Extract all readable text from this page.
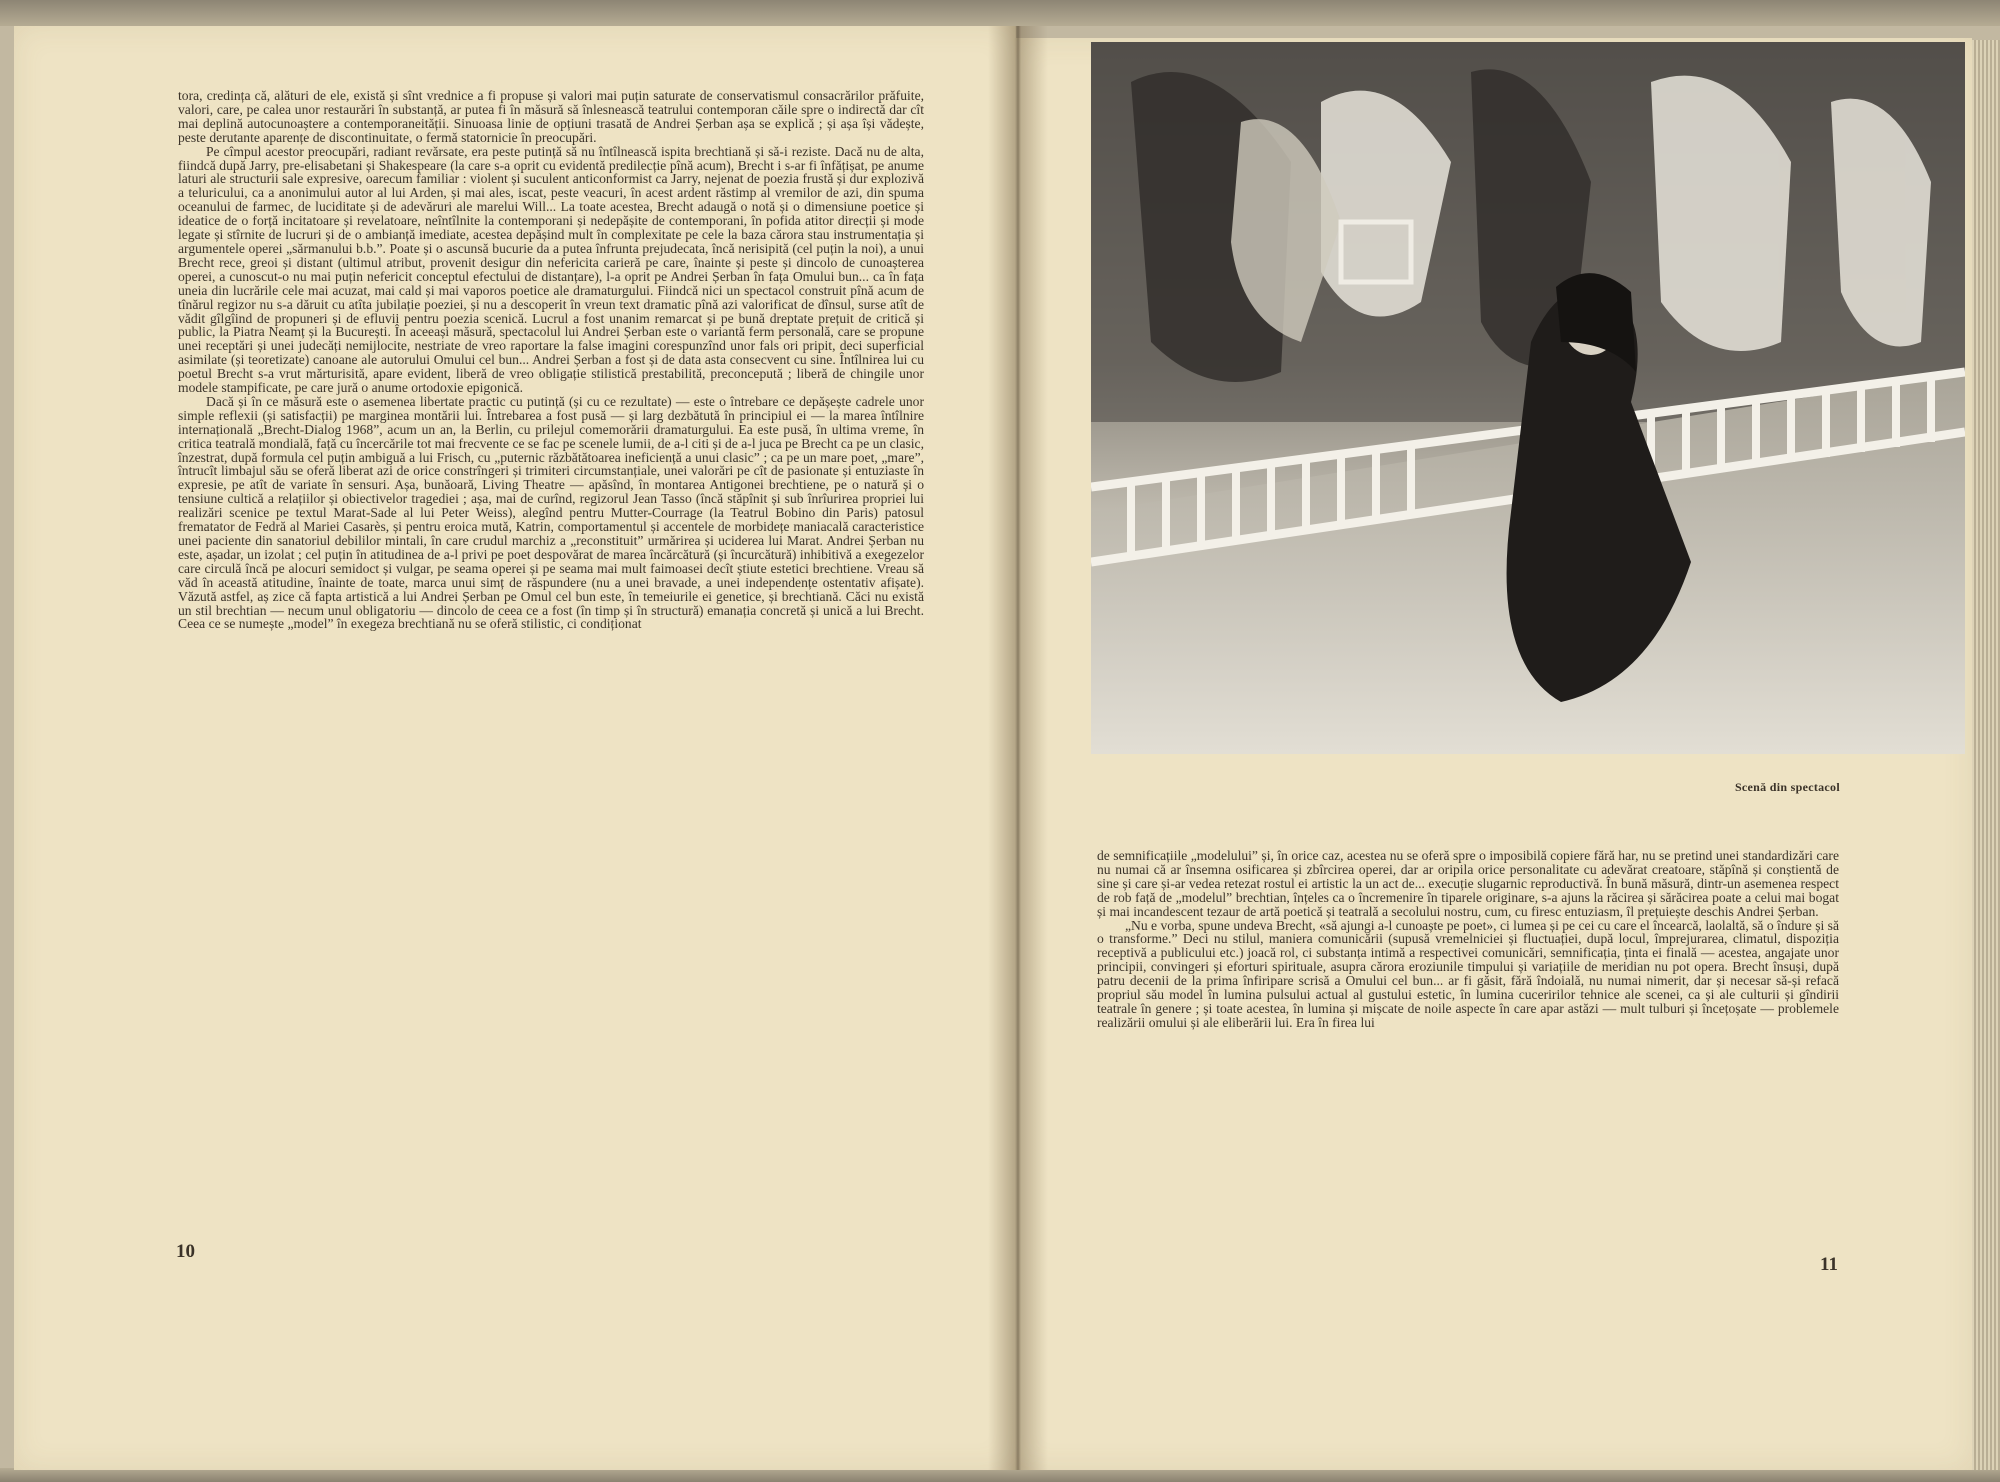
tora, credința că, alături de ele, există și sînt vrednice a fi propuse și valori mai puțin saturate de conservatismul consacrărilor prăfuite, valori, care, pe calea unor restaurări în substanță, ar putea fi în măsură să înlesnească teatrului contemporan căile spre o indirectă dar cît mai deplină autocunoaștere a contemporaneității. Sinuoasa linie de opțiuni trasată de Andrei Șerban așa se explică ; și așa își vădește, peste derutante aparențe de discontinuitate, o fermă statornicie în preocupări.

Pe cîmpul acestor preocupări, radiant revărsate, era peste putință să nu întîlnească ispita brechtiană și să-i reziste. Dacă nu de alta, fiindcă după Jarry, pre-elisabetani și Shakespeare (la care s-a oprit cu evidentă predilecție pînă acum), Brecht i s-ar fi înfățișat, pe anume laturi ale structurii sale expresive, oarecum familiar : violent și suculent anticonformist ca Jarry, nejenat de poezia frustă și dur explozivă a teluricului, ca a anonimului autor al lui Arden, și mai ales, iscat, peste veacuri, în acest ardent răstimp al vremilor de azi, din spuma oceanului de farmec, de luciditate și de adevăruri ale marelui Will... La toate acestea, Brecht adaugă o notă și o dimensiune poetice și ideatice de o forță incitatoare și revelatoare, neîntîlnite la contemporani și nedepășite de contemporani, în pofida atitor direcții și mode legate și stîrnite de lucruri și de o ambianță imediate, acestea depășind mult în complexitate pe cele la baza cărora stau instrumentația și argumentele operei „sărmanului b.b.”. Poate și o ascunsă bucurie da a putea înfrunta prejudecata, încă nerisipită (cel puțin la noi), a unui Brecht rece, greoi și distant (ultimul atribut, provenit desigur din nefericita carieră pe care, înainte și peste și dincolo de cunoașterea operei, a cunoscut-o nu mai puțin nefericit conceptul efectului de distanțare), l-a oprit pe Andrei Șerban în fața Omului bun... ca în fața uneia din lucrările cele mai acuzat, mai cald și mai vaporos poetice ale dramaturgului. Fiindcă nici un spectacol construit pînă acum de tînărul regizor nu s-a dăruit cu atîta jubilație poeziei, și nu a descoperit în vreun text dramatic pînă azi valorificat de dînsul, surse atît de vădit gîlgîind de propuneri și de efluvii pentru poezia scenică. Lucrul a fost unanim remarcat și pe bună dreptate prețuit de critică și public, la Piatra Neamț și la București. În aceeași măsură, spectacolul lui Andrei Șerban este o variantă ferm personală, care se propune unei receptări și unei judecăți nemijlocite, nestriate de vreo raportare la false imagini corespunzînd unor fals ori pripit, deci superficial asimilate (și teoretizate) canoane ale autorului Omului cel bun... Andrei Șerban a fost și de data asta consecvent cu sine. Întîlnirea lui cu poetul Brecht s-a vrut mărturisită, apare evident, liberă de vreo obligație stilistică prestabilită, preconcepută ; liberă de chingile unor modele stampificate, pe care jură o anume ortodoxie epigonică.

Dacă și în ce măsură este o asemenea libertate practic cu putință (și cu ce rezultate) — este o întrebare ce depășește cadrele unor simple reflexii (și satisfacții) pe marginea montării lui. Întrebarea a fost pusă — și larg dezbătută în principiul ei — la marea întîlnire internațională „Brecht-Dialog 1968”, acum un an, la Berlin, cu prilejul comemorării dramaturgului. Ea este pusă, în ultima vreme, în critica teatrală mondială, față cu încercările tot mai frecvente ce se fac pe scenele lumii, de a-l citi și de a-l juca pe Brecht ca pe un clasic, înzestrat, după formula cel puțin ambiguă a lui Frisch, cu „puternic răzbătătoarea ineficiență a unui clasic” ; ca pe un mare poet, „mare”, întrucît limbajul său se oferă liberat azi de orice constrîngeri și trimiteri circumstanțiale, unei valorări pe cît de pasionate și entuziaste în expresie, pe atît de variate în sensuri. Așa, bunăoară, Living Theatre — apăsînd, în montarea Antigonei brechtiene, pe o natură și o tensiune cultică a relațiilor și obiectivelor tragediei ; așa, mai de curînd, regizorul Jean Tasso (încă stăpînit și sub înrîurirea propriei lui realizări scenice pe textul Marat-Sade al lui Peter Weiss), alegînd pentru Mutter-Courrage (la Teatrul Bobino din Paris) patosul frematator de Fedră al Mariei Casarès, și pentru eroica mută, Katrin, comportamentul și accentele de morbidețe maniacală caracteristice unei paciente din sanatoriul debililor mintali, în care crudul marchiz a „reconstituit” urmărirea și uciderea lui Marat. Andrei Șerban nu este, așadar, un izolat ; cel puțin în atitudinea de a-l privi pe poet despovărat de marea încărcătură (și încurcătură) inhibitivă a exegezelor care circulă încă pe alocuri semidoct și vulgar, pe seama operei și pe seama mai mult faimoasei decît știute estetici brechtiene. Vreau să văd în această atitudine, înainte de toate, marca unui simț de răspundere (nu a unei bravade, a unei independențe ostentativ afișate). Văzută astfel, aș zice că fapta artistică a lui Andrei Șerban pe Omul cel bun este, în temeiurile ei genetice, și brechtiană. Căci nu există un stil brechtian — necum unul obligatoriu — dincolo de ceea ce a fost (în timp și în structură) emanația concretă și unică a lui Brecht. Ceea ce se numește „model” în exegeza brechtiană nu se oferă stilistic, ci condiționat

10
Scenă din spectacol

de semnificațiile „modelului” și, în orice caz, acestea nu se oferă spre o imposibilă copiere fără har, nu se pretind unei standardizări care nu numai că ar însemna osificarea și zbîrcirea operei, dar ar oripila orice personalitate cu adevărat creatoare, stăpînă și conștientă de sine și care și-ar vedea retezat rostul ei artistic la un act de... execuție slugarnic reproductivă. În bună măsură, dintr-un asemenea respect de rob față de „modelul” brechtian, înțeles ca o încremenire în tiparele originare, s-a ajuns la răcirea și sărăcirea poate a celui mai bogat și mai incandescent tezaur de artă poetică și teatrală a secolului nostru, cum, cu firesc entuziasm, îl prețuiește deschis Andrei Șerban.

„Nu e vorba, spune undeva Brecht, «să ajungi a-l cunoaște pe poet», ci lumea și pe cei cu care el încearcă, laolaltă, să o îndure și să o transforme.” Deci nu stilul, maniera comunicării (supusă vremelniciei și fluctuației, după locul, împrejurarea, climatul, dispoziția receptivă a publicului etc.) joacă rol, ci substanța intimă a respectivei comunicări, semnificația, ținta ei finală — acestea, angajate unor principii, convingeri și eforturi spirituale, asupra cărora eroziunile timpului și variațiile de meridian nu pot opera. Brecht însuși, după patru decenii de la prima înfiripare scrisă a Omului cel bun... ar fi găsit, fără îndoială, nu numai nimerit, dar și necesar să-și refacă propriul său model în lumina pulsului actual al gustului estetic, în lumina cuceririlor tehnice ale scenei, ca și ale culturii și gîndirii teatrale în genere ; și toate acestea, în lumina și mișcate de noile aspecte în care apar astăzi — mult tulburi și încețoșate — problemele realizării omului și ale eliberării lui. Era în firea lui

11
